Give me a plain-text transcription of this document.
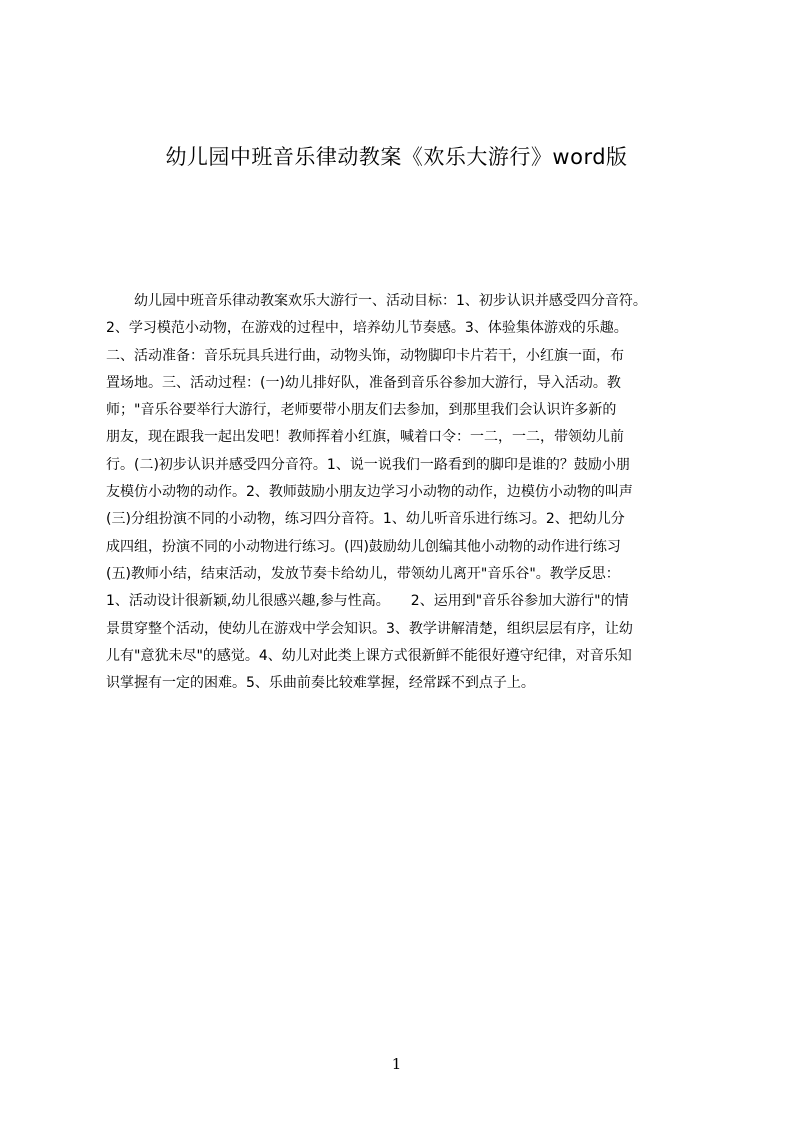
幼儿园中班音乐律动教案《欢乐大游行》word版
　　幼儿园中班音乐律动教案欢乐大游行一、活动目标：1、初步认识并感受四分音符。
2、学习模范小动物，在游戏的过程中，培养幼儿节奏感。3、体验集体游戏的乐趣。
二、活动准备：音乐玩具兵进行曲，动物头饰，动物脚印卡片若干，小红旗一面，布
置场地。三、活动过程：(一)幼儿排好队，准备到音乐谷参加大游行，导入活动。教
师；"音乐谷要举行大游行，老师要带小朋友们去参加，到那里我们会认识许多新的
朋友，现在跟我一起出发吧！教师挥着小红旗，喊着口令：一二，一二，带领幼儿前
行。(二)初步认识并感受四分音符。1、说一说我们一路看到的脚印是谁的？鼓励小朋
友模仿小动物的动作。2、教师鼓励小朋友边学习小动物的动作，边模仿小动物的叫声
(三)分组扮演不同的小动物，练习四分音符。1、幼儿听音乐进行练习。2、把幼儿分
成四组，扮演不同的小动物进行练习。(四)鼓励幼儿创编其他小动物的动作进行练习
(五)教师小结，结束活动，发放节奏卡给幼儿，带领幼儿离开"音乐谷"。教学反思：
1、活动设计很新颖,幼儿很感兴趣,参与性高。　　2、运用到"音乐谷参加大游行"的情
景贯穿整个活动，使幼儿在游戏中学会知识。3、教学讲解清楚，组织层层有序，让幼
儿有"意犹未尽"的感觉。4、幼儿对此类上课方式很新鲜不能很好遵守纪律，对音乐知
识掌握有一定的困难。5、乐曲前奏比较难掌握，经常踩不到点子上。
1
